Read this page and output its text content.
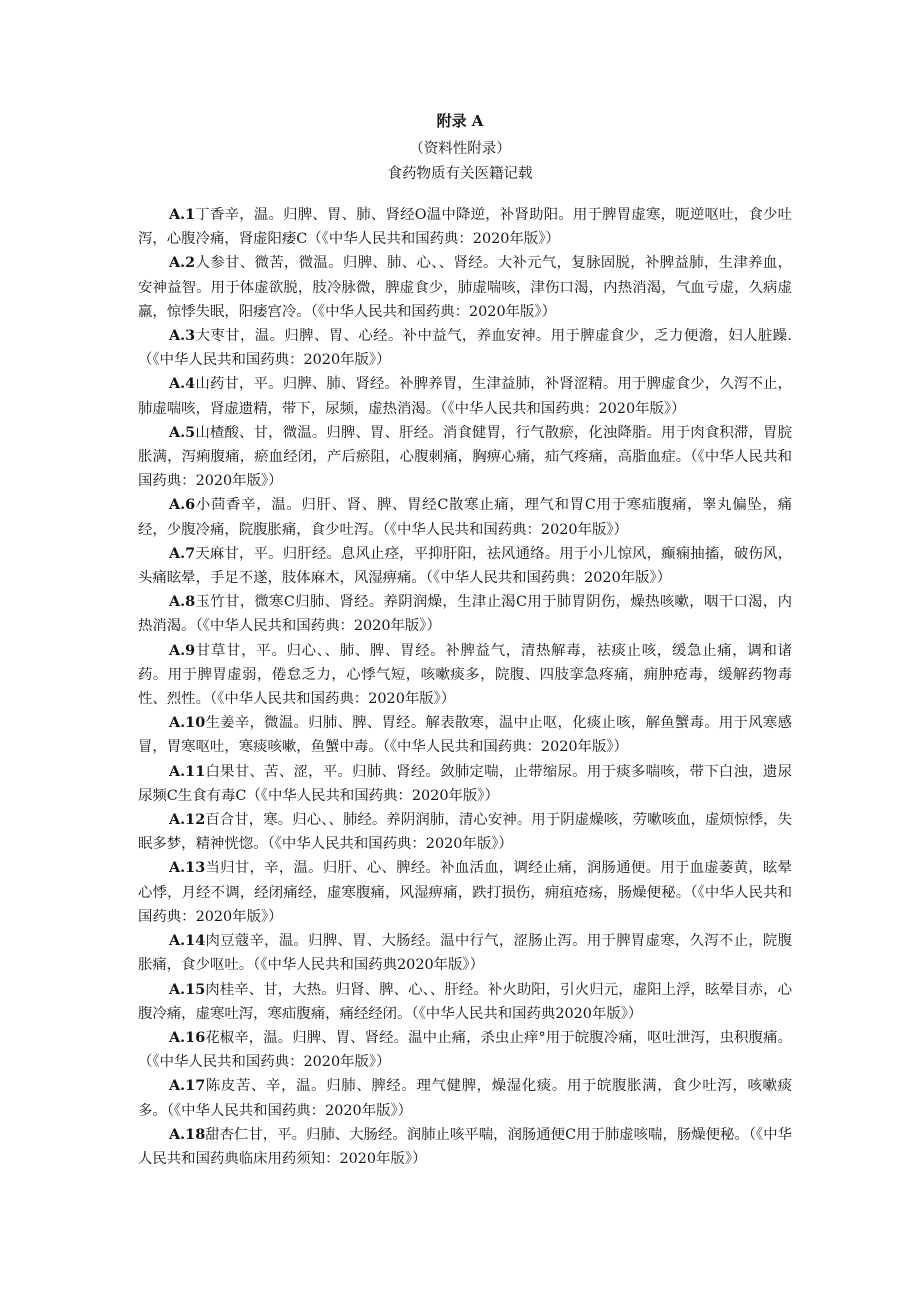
附录 A
（资料性附录）
食药物质有关医籍记载

A.1丁香辛，温。归脾、胃、肺、肾经O温中降逆，补肾助阳。用于脾胃虚寒，呃逆呕吐，食少吐泻，心腹冷痛，肾虚阳痿C（《中华人民共和国药典：2020年版》）

A.2人参甘、微苦，微温。归脾、肺、心、、肾经。大补元气，复脉固脱，补脾益肺，生津养血，安神益智。用于体虚欲脱，肢冷脉微，脾虚食少，肺虚喘咳，津伤口渴，内热消渴，气血亏虚，久病虚羸，惊悸失眠，阳痿宫冷。（《中华人民共和国药典：2020年版》）

A.3大枣甘，温。归脾、胃、心经。补中益气，养血安神。用于脾虚食少，乏力便澹，妇人脏躁.（《中华人民共和国药典：2020年版》）

A.4山药甘，平。归脾、肺、肾经。补脾养胃，生津益肺，补肾涩精。用于脾虚食少，久泻不止，肺虚喘咳，肾虚遗精，带下，尿频，虚热消渴。（《中华人民共和国药典：2020年版》）

A.5山楂酸、甘，微温。归脾、胃、肝经。消食健胃，行气散瘀，化浊降脂。用于肉食积滞，胃脘胀满，泻痢腹痛，瘀血经闭，产后瘀阻，心腹刺痛，胸痹心痛，疝气疼痛，高脂血症。（《中华人民共和国药典：2020年版》）

A.6小茴香辛，温。归肝、肾、脾、胃经C散寒止痛，理气和胃C用于寒疝腹痛，睾丸偏坠，痛经，少腹冷痛，院腹胀痛，食少吐泻。（《中华人民共和国药典：2020年版》）

A.7天麻甘，平。归肝经。息风止痉，平抑肝阳，祛风通络。用于小儿惊风，癫痫抽搐，破伤风，头痛眩晕，手足不遂，肢体麻木，风湿痹痛。（《中华人民共和国药典：2020年版》）

A.8玉竹甘，微寒C归肺、肾经。养阴润燥，生津止渴C用于肺胃阴伤，燥热咳嗽，咽干口渴，内热消渴。（《中华人民共和国药典：2020年版》）

A.9甘草甘，平。归心、、肺、脾、胃经。补脾益气，清热解毒，祛痰止咳，缓急止痛，调和诸药。用于脾胃虚弱，倦怠乏力，心悸气短，咳嗽痰多，院腹、四肢挛急疼痛，痈肿疮毒，缓解药物毒性、烈性。（《中华人民共和国药典：2020年版》）

A.10生姜辛，微温。归肺、脾、胃经。解表散寒，温中止呕，化痰止咳，解鱼蟹毒。用于风寒感冒，胃寒呕吐，寒痰咳嗽，鱼蟹中毒。（《中华人民共和国药典：2020年版》）

A.11白果甘、苦、涩，平。归肺、肾经。敛肺定喘，止带缩尿。用于痰多喘咳，带下白浊，遗尿尿频C生食有毒C（《中华人民共和国药典：2020年版》）

A.12百合甘，寒。归心、、肺经。养阴润肺，清心安神。用于阴虚燥咳，劳嗽咳血，虚烦惊悸，失眠多梦，精神恍惚。（《中华人民共和国药典：2020年版》）

A.13当归甘，辛，温。归肝、心、脾经。补血活血，调经止痛，润肠通便。用于血虚萎黄，眩晕心悸，月经不调，经闭痛经，虚寒腹痛，风湿痹痛，跌打损伤，痈疽疮疡，肠燥便秘。（《中华人民共和国药典：2020年版》）

A.14肉豆蔻辛，温。归脾、胃、大肠经。温中行气，涩肠止泻。用于脾胃虚寒，久泻不止，院腹胀痛，食少呕吐。（《中华人民共和国药典2020年版》）

A.15肉桂辛、甘，大热。归肾、脾、心、、肝经。补火助阳，引火归元，虚阳上浮，眩晕目赤，心腹冷痛，虚寒吐泻，寒疝腹痛，痛经经闭。（《中华人民共和国药典2020年版》）

A.16花椒辛，温。归脾、胃、肾经。温中止痛，杀虫止痒°用于皖腹冷痛，呕吐泄泻，虫积腹痛。（《中华人民共和国药典：2020年版》）

A.17陈皮苦、辛，温。归肺、脾经。理气健脾，燥湿化痰。用于皖腹胀满，食少吐泻，咳嗽痰多。（《中华人民共和国药典：2020年版》）

A.18甜杏仁甘，平。归肺、大肠经。润肺止咳平喘，润肠通便C用于肺虚咳喘，肠燥便秘。（《中华人民共和国药典临床用药须知：2020年版》）
